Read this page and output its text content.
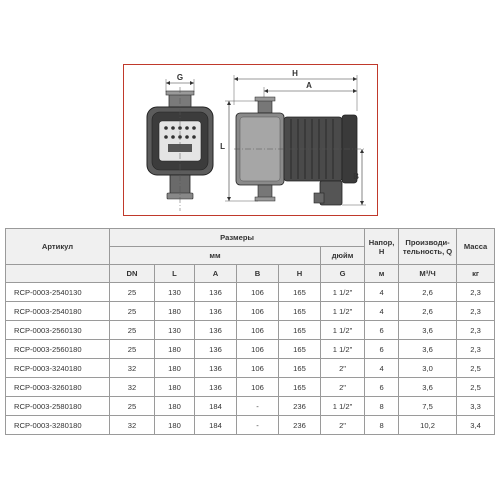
G	H
A
L
B
Артикул	Размеры						Напор, Н	Производи-тельность, Q	Масса
	мм					дюйм			
	DN	L	A	B	H	G	м	М³/Ч	кг
RCP-0003-2540130	25	130	136	106	165	1 1/2"	4	2,6	2,3
RCP-0003-2540180	25	180	136	106	165	1 1/2"	4	2,6	2,3
RCP-0003-2560130	25	130	136	106	165	1 1/2"	6	3,6	2,3
RCP-0003-2560180	25	180	136	106	165	1 1/2"	6	3,6	2,3
RCP-0003-3240180	32	180	136	106	165	2"	4	3,0	2,5
RCP-0003-3260180	32	180	136	106	165	2"	6	3,6	2,5
RCP-0003-2580180	25	180	184	-	236	1 1/2"	8	7,5	3,3
RCP-0003-3280180	32	180	184	-	236	2"	8	10,2	3,4
